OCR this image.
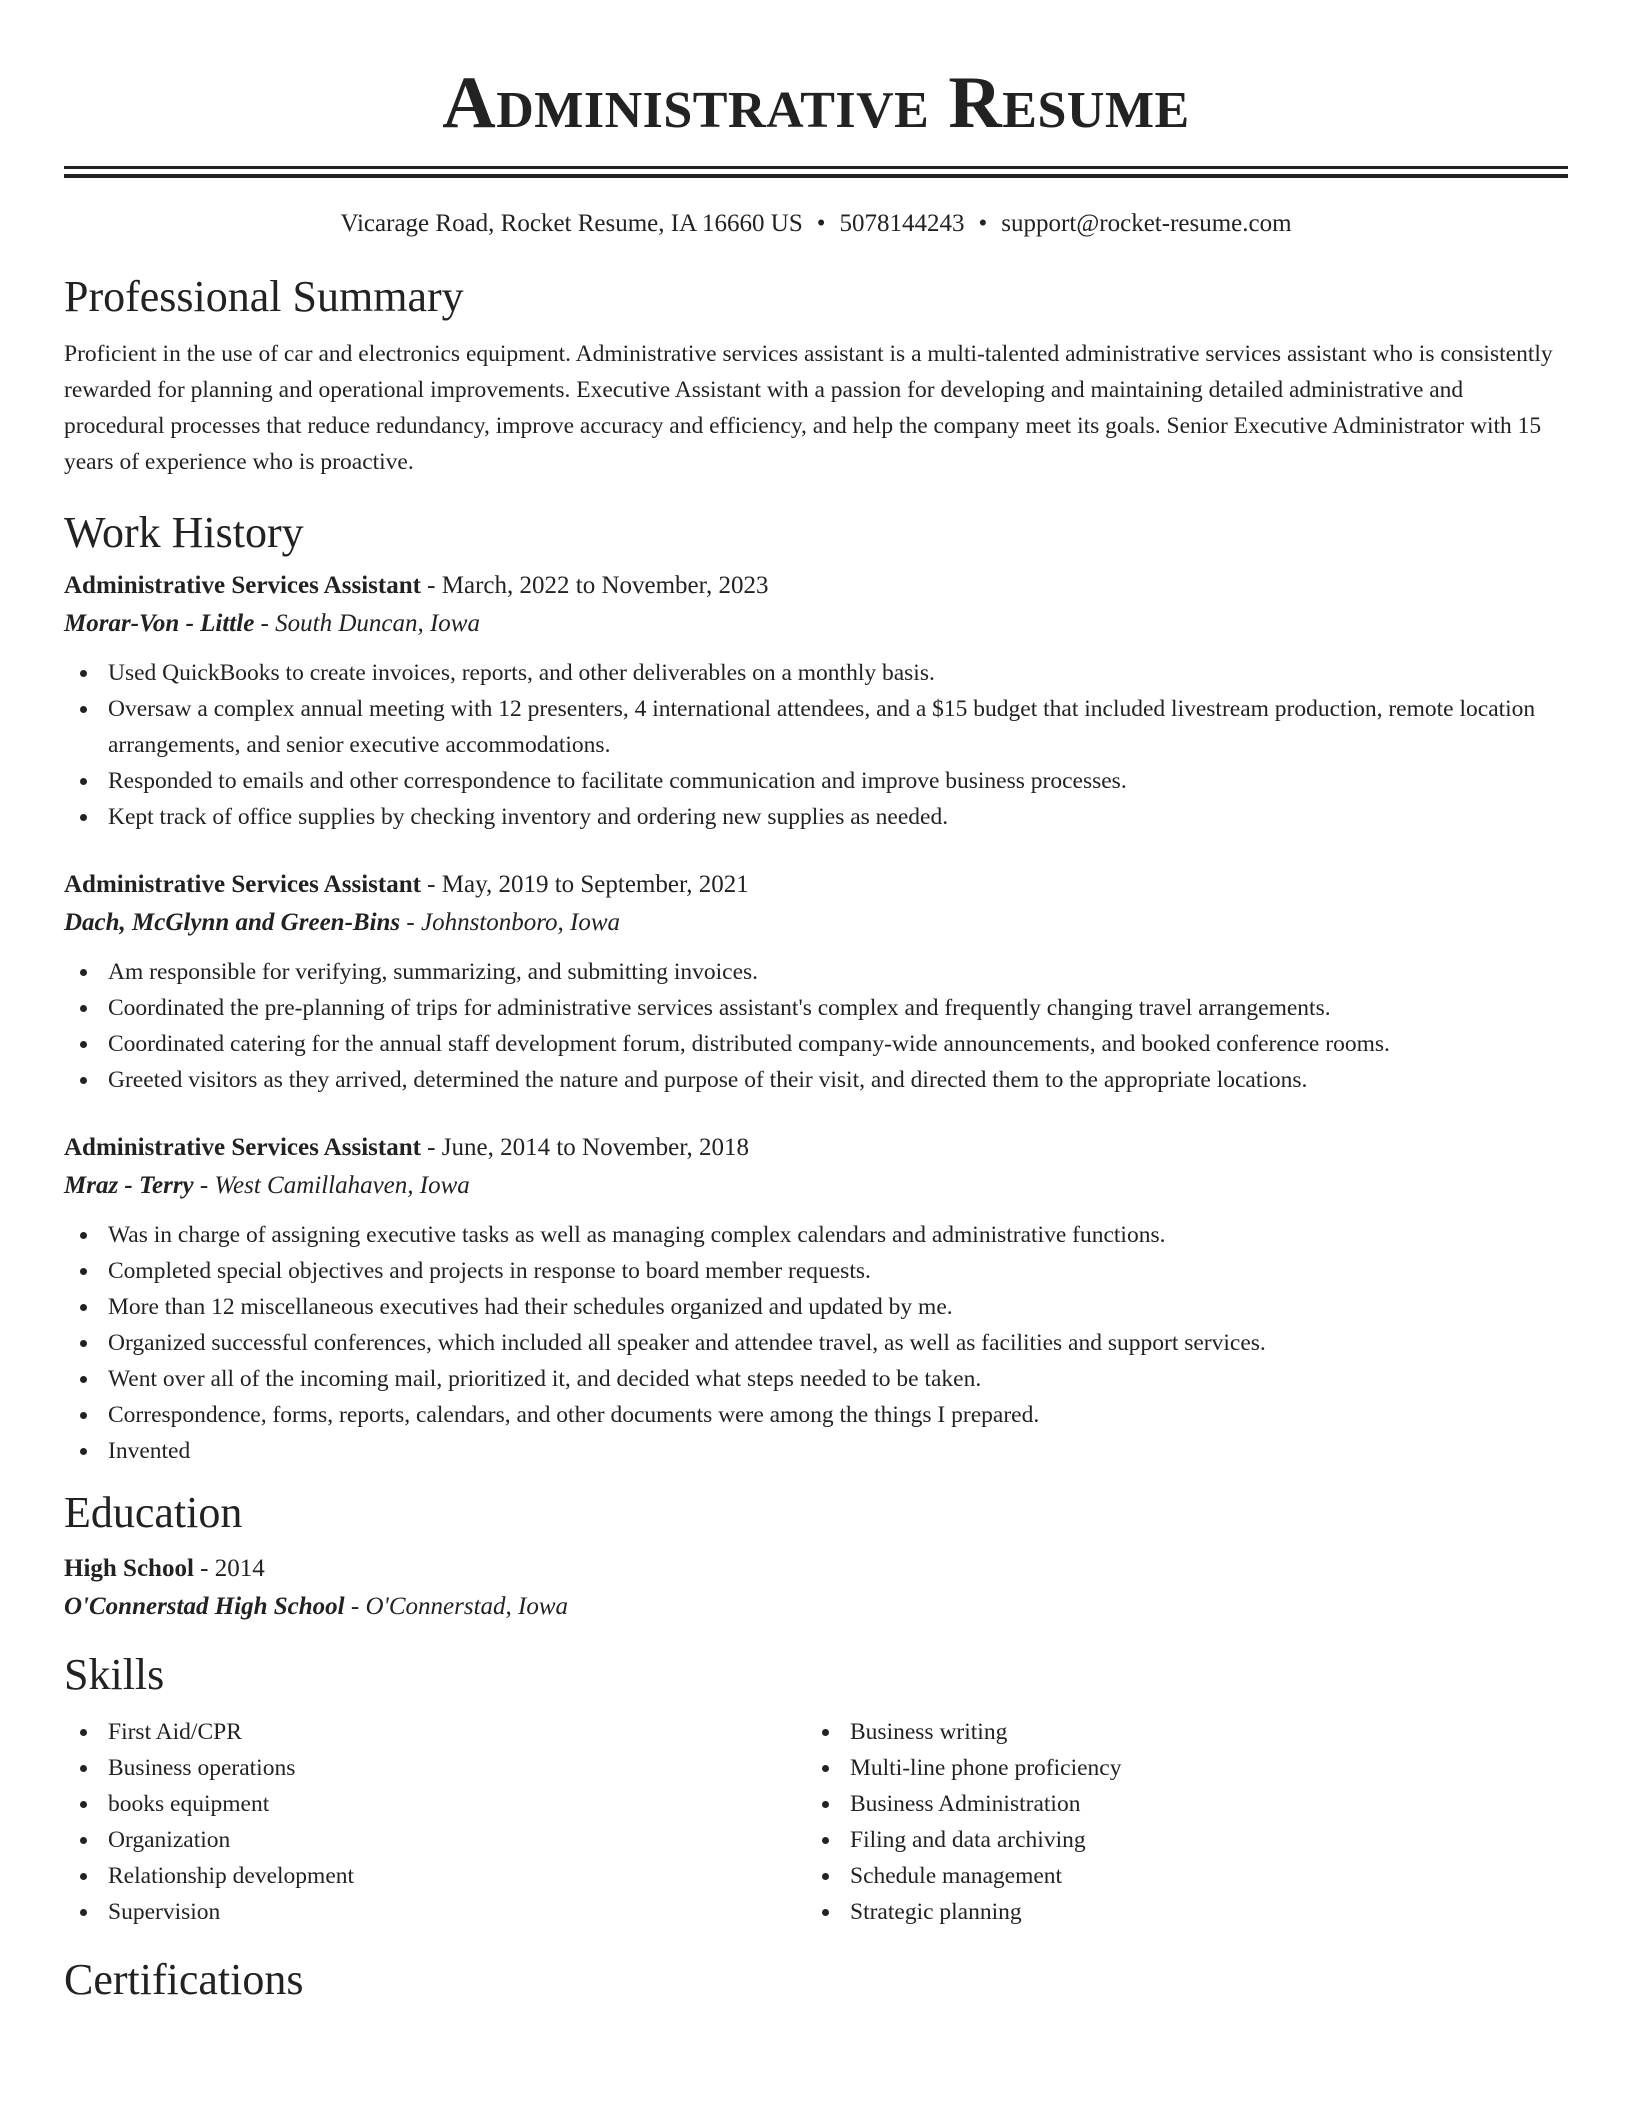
Administrative Resume
Vicarage Road, Rocket Resume, IA 16660 US • 5078144243 • support@rocket-resume.com
Professional Summary

Proficient in the use of car and electronics equipment. Administrative services assistant is a multi-talented administrative services assistant who is consistently rewarded for planning and operational improvements. Executive Assistant with a passion for developing and maintaining detailed administrative and procedural processes that reduce redundancy, improve accuracy and efficiency, and help the company meet its goals. Senior Executive Administrator with 15 years of experience who is proactive.

Work History
Administrative Services Assistant - March, 2022 to November, 2023
Morar-Von - Little - South Duncan, Iowa
Used QuickBooks to create invoices, reports, and other deliverables on a monthly basis.
Oversaw a complex annual meeting with 12 presenters, 4 international attendees, and a $15 budget that included livestream production, remote location arrangements, and senior executive accommodations.
Responded to emails and other correspondence to facilitate communication and improve business processes.
Kept track of office supplies by checking inventory and ordering new supplies as needed.
Administrative Services Assistant - May, 2019 to September, 2021
Dach, McGlynn and Green-Bins - Johnstonboro, Iowa
Am responsible for verifying, summarizing, and submitting invoices.
Coordinated the pre-planning of trips for administrative services assistant's complex and frequently changing travel arrangements.
Coordinated catering for the annual staff development forum, distributed company-wide announcements, and booked conference rooms.
Greeted visitors as they arrived, determined the nature and purpose of their visit, and directed them to the appropriate locations.
Administrative Services Assistant - June, 2014 to November, 2018
Mraz - Terry - West Camillahaven, Iowa
Was in charge of assigning executive tasks as well as managing complex calendars and administrative functions.
Completed special objectives and projects in response to board member requests.
More than 12 miscellaneous executives had their schedules organized and updated by me.
Organized successful conferences, which included all speaker and attendee travel, as well as facilities and support services.
Went over all of the incoming mail, prioritized it, and decided what steps needed to be taken.
Correspondence, forms, reports, calendars, and other documents were among the things I prepared.
Invented
Education
High School - 2014
O'Connerstad High School - O'Connerstad, Iowa
Skills
First Aid/CPR
Business operations
books equipment
Organization
Relationship development
Supervision
Business writing
Multi-line phone proficiency
Business Administration
Filing and data archiving
Schedule management
Strategic planning
Certifications
